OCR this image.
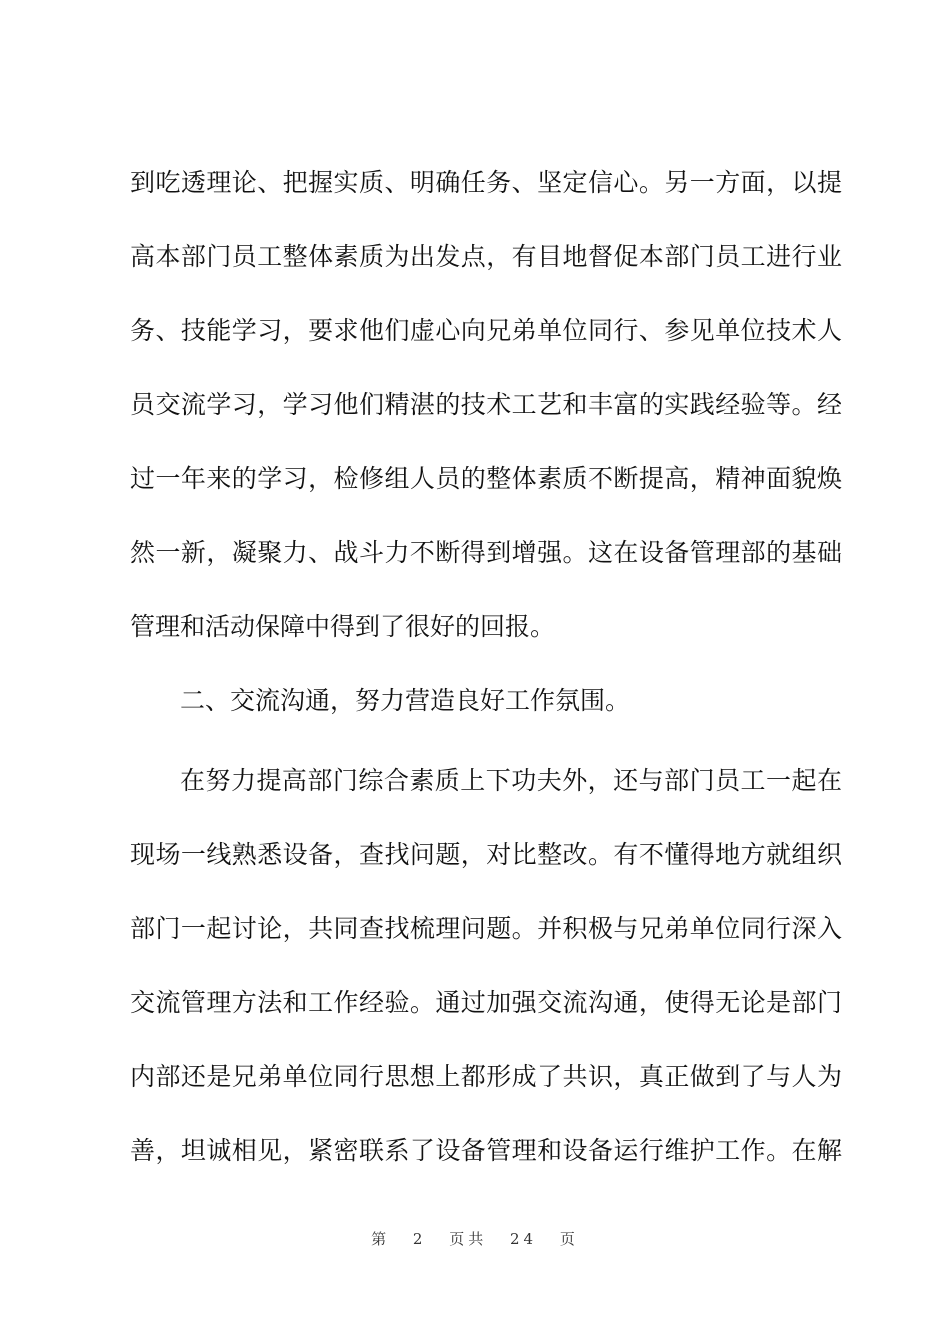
到吃透理论、把握实质、明确任务、坚定信心。另一方面，以提
高本部门员工整体素质为出发点，有目地督促本部门员工进行业
务、技能学习，要求他们虚心向兄弟单位同行、参见单位技术人
员交流学习，学习他们精湛的技术工艺和丰富的实践经验等。经
过一年来的学习，检修组人员的整体素质不断提高，精神面貌焕
然一新，凝聚力、战斗力不断得到增强。这在设备管理部的基础
管理和活动保障中得到了很好的回报。
二、交流沟通，努力营造良好工作氛围。
在努力提高部门综合素质上下功夫外，还与部门员工一起在
现场一线熟悉设备，查找问题，对比整改。有不懂得地方就组织
部门一起讨论，共同查找梳理问题。并积极与兄弟单位同行深入
交流管理方法和工作经验。通过加强交流沟通，使得无论是部门
内部还是兄弟单位同行思想上都形成了共识，真正做到了与人为
善，坦诚相见，紧密联系了设备管理和设备运行维护工作。在解
第 2 页共 24 页
